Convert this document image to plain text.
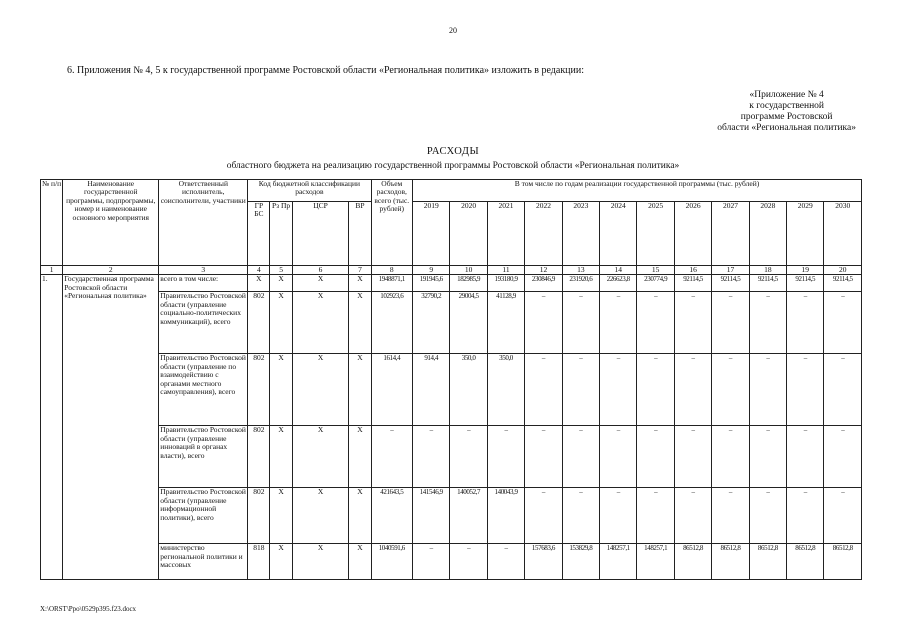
20
6. Приложения № 4, 5 к государственной программе Ростовской области «Региональная политика» изложить в редакции:
«Приложение № 4
к государственной
программе Ростовской
области «Региональная политика»
РАСХОДЫ
областного бюджета на реализацию государственной программы Ростовской области «Региональная политика»
№ п/п	Наименование государственной программы, подпрограммы, номер и наименование основного мероприятия	Ответственный исполнитель, соисполнители, участники	Код бюджетной классификации расходов				Объем расходов, всего (тыс. рублей)	В том числе по годам реализации государственной программы (тыс. рублей)											
			ГР БС	Рз Пр	ЦСР	ВР		2019	2020	2021	2022	2023	2024	2025	2026	2027	2028	2029	2030
1	2	3	4	5	6	7	8	9	10	11	12	13	14	15	16	17	18	19	20
1.	Государственная программа Ростовской области «Региональная политика»	всего в том числе:	X	X	X	X	1948871,1	191945,6	182985,9	193180,9	230846,9	231920,6	226623,8	230774,9	92114,5	92114,5	92114,5	92114,5	92114,5
		Правительство Ростовской области (управление социально-политических коммуникаций), всего	802	X	X	X	102923,6	32790,2	29004,5	41128,9	–	–	–	–	–	–	–	–	–
		Правительство Ростовской области (управление по взаимодействию с органами местного самоуправления), всего	802	X	X	X	1614,4	914,4	350,0	350,0	–	–	–	–	–	–	–	–	–
		Правительство Ростовской области (управление инноваций в органах власти), всего	802	X	X	X	–	–	–	–	–	–	–	–	–	–	–	–	–
		Правительство Ростовской области (управление информационной политики), всего	802	X	X	X	421643,5	141546,9	140052,7	140043,9	–	–	–	–	–	–	–	–	–
		министерство региональной политики и массовых	818	X	X	X	1040591,6	–	–	–	157683,6	153829,8	148257,1	148257,1	86512,8	86512,8	86512,8	86512,8	86512,8
X:\ORST\Ppo\0529p395.f23.docx
